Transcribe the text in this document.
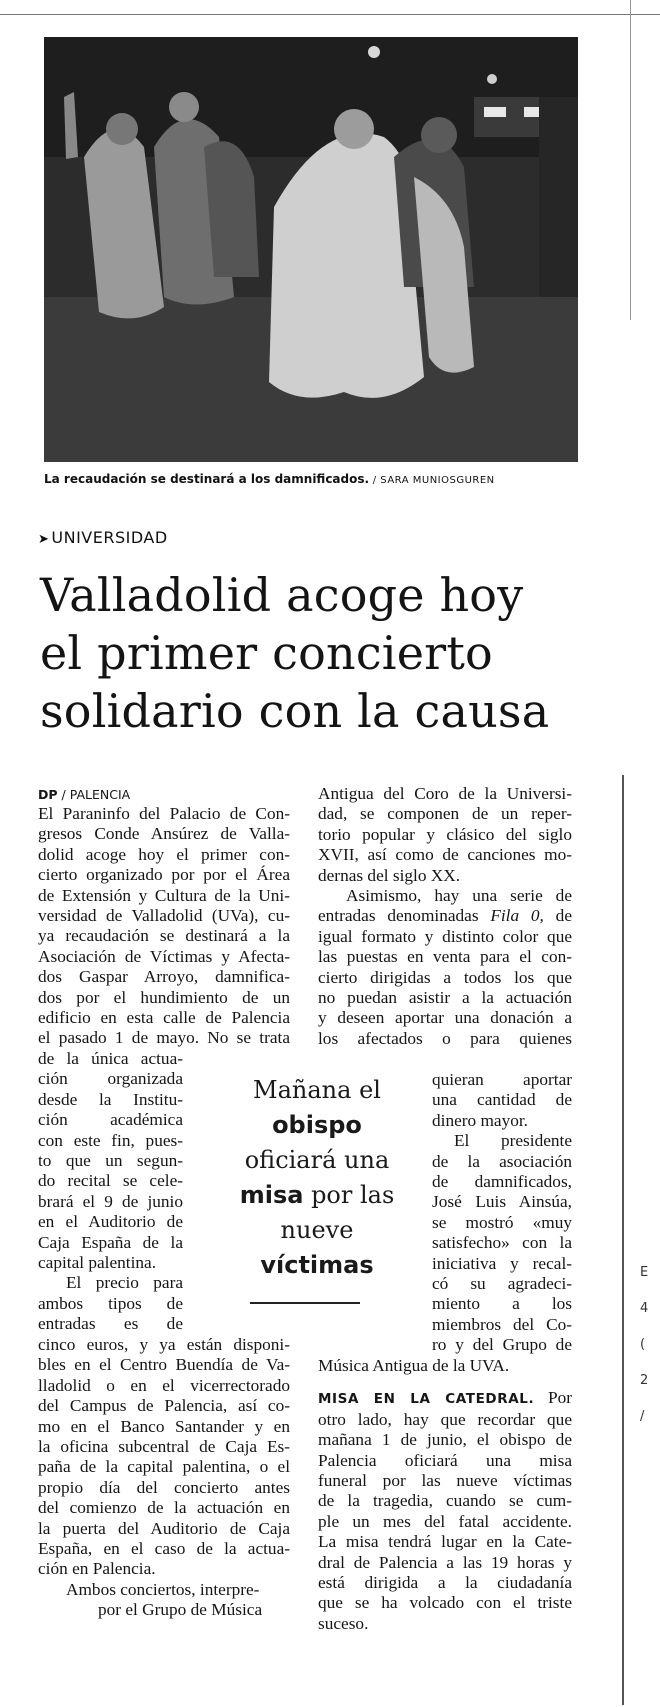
E
4
(
2
/
La recaudación se destinará a los damnificados. / SARA MUNIOSGUREN
➤ UNIVERSIDAD
Valladolid acoge hoy
el primer concierto
solidario con la causa
DP / PALENCIA
El Paraninfo del Palacio de Con-
gresos Conde Ansúrez de Valla-
dolid acoge hoy el primer con-
cierto organizado por por el Área
de Extensión y Cultura de la Uni-
versidad de Valladolid (UVa), cu-
ya recaudación se destinará a la
Asociación de Víctimas y Afecta-
dos Gaspar Arroyo, damnifica-
dos por el hundimiento de un
edificio en esta calle de Palencia
el pasado 1 de mayo. No se trata
de la única actua-
ción organizada
desde la Institu-
ción académica
con este fin, pues-
to que un segun-
do recital se cele-
brará el 9 de junio
en el Auditorio de
Caja España de la
capital palentina.
El precio para
ambos tipos de
entradas es de
cinco euros, y ya están disponi-
bles en el Centro Buendía de Va-
lladolid o en el vicerrectorado
del Campus de Palencia, así co-
mo en el Banco Santander y en
la oficina subcentral de Caja Es-
paña de la capital palentina, o el
propio día del concierto antes
del comienzo de la actuación en
la puerta del Auditorio de Caja
España, en el caso de la actua-
ción en Palencia.
Ambos conciertos, interpre-
por el Grupo de Música
Mañana el
obispo
oficiará una
misa por las
nueve
víctimas
Antigua del Coro de la Universi-
dad, se componen de un reper-
torio popular y clásico del siglo
XVII, así como de canciones mo-
dernas del siglo XX.
Asimismo, hay una serie de
entradas denominadas Fila 0, de
igual formato y distinto color que
las puestas en venta para el con-
cierto dirigidas a todos los que
no puedan asistir a la actuación
y deseen aportar una donación a
los afectados o para quienes
quieran aportar
una cantidad de
dinero mayor.
El presidente
de la asociación
de damnificados,
José Luis Ainsúa,
se mostró «muy
satisfecho» con la
iniciativa y recal-
có su agradeci-
miento a los
miembros del Co-
ro y del Grupo de
Música Antigua de la UVA.
MISA EN LA CATEDRAL. Por
otro lado, hay que recordar que
mañana 1 de junio, el obispo de
Palencia oficiará una misa
funeral por las nueve víctimas
de la tragedia, cuando se cum-
ple un mes del fatal accidente.
La misa tendrá lugar en la Cate-
dral de Palencia a las 19 horas y
está dirigida a la ciudadanía
que se ha volcado con el triste
suceso.
